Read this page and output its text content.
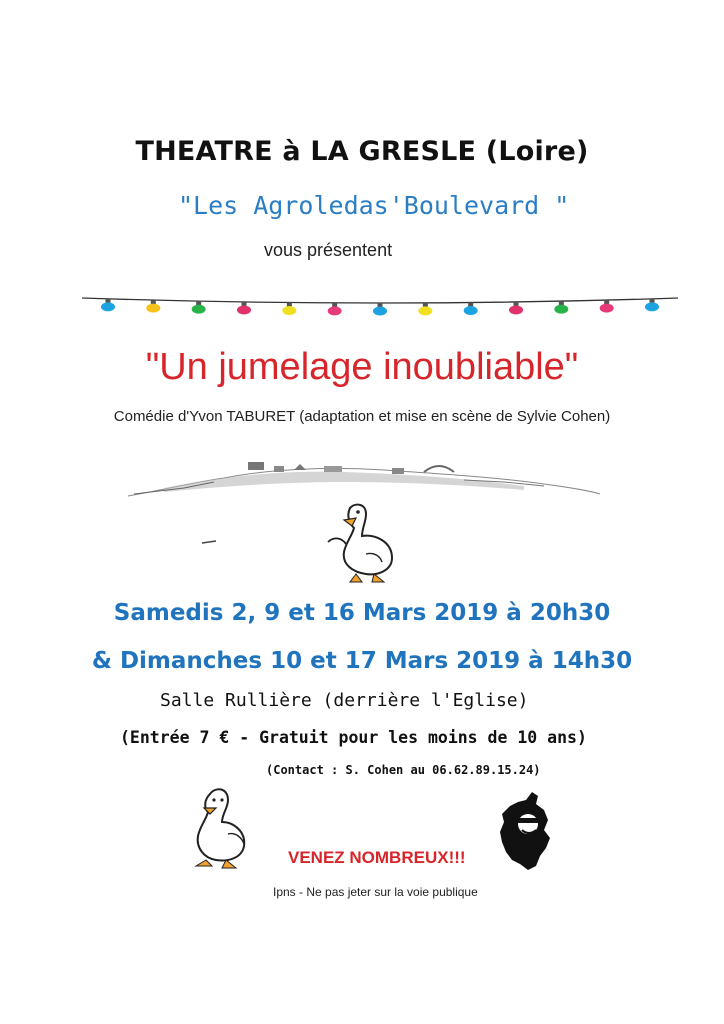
THEATRE à LA GRESLE (Loire)
"Les Agroledas'Boulevard "
vous présentent
"Un jumelage inoubliable"
Comédie d'Yvon TABURET (adaptation et mise en scène de Sylvie Cohen)
Samedis 2, 9 et 16 Mars 2019 à 20h30
& Dimanches 10 et 17 Mars 2019 à 14h30
Salle Rullière (derrière l'Eglise)
(Entrée 7 € - Gratuit pour les moins de 10 ans)
(Contact : S. Cohen au 06.62.89.15.24)
VENEZ NOMBREUX!!!
Ipns - Ne pas jeter sur la voie publique
